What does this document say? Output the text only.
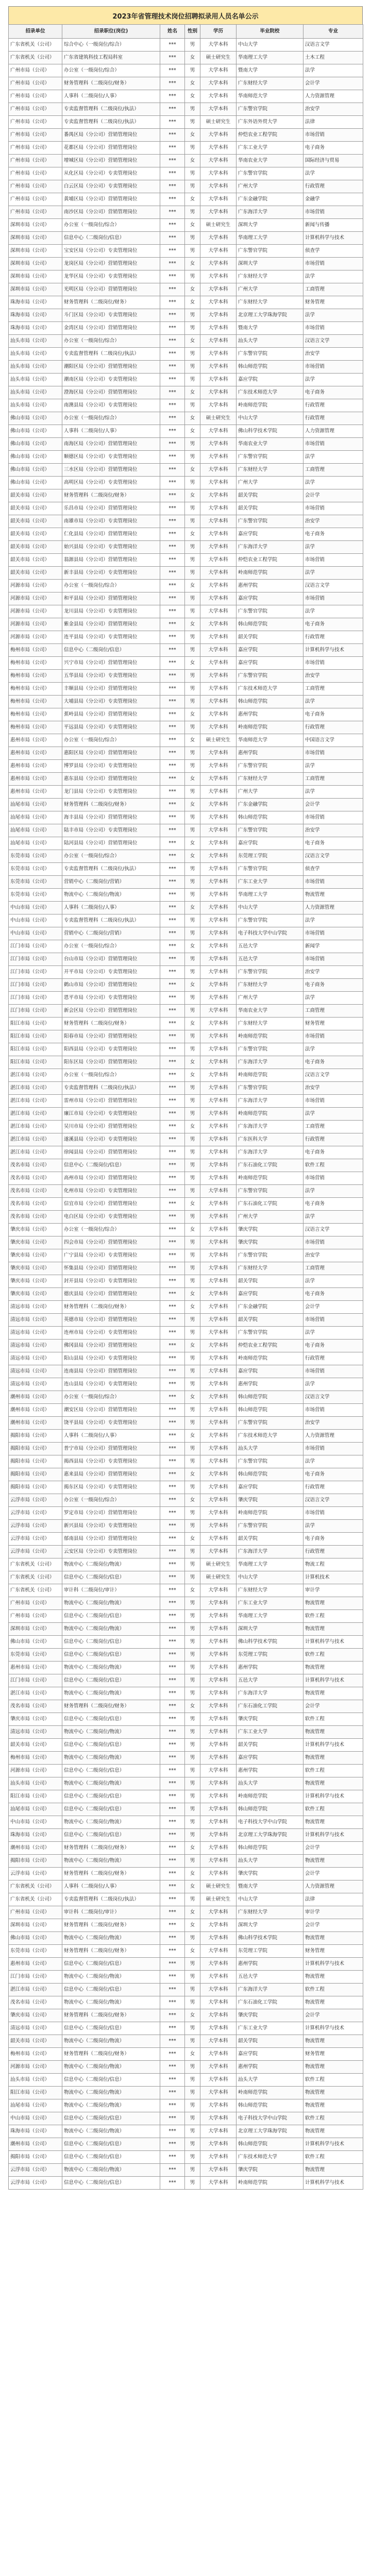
2023年省管理技术岗位招聘拟录用人员名单公示
招录单位	招录职位(岗位)	姓名	性别	学历	毕业院校	专业
广东省机关（公司）	综合中心（一级岗位/综合）	***	男	大学本科	中山大学	汉语言文学
广东省机关（公司）	广东省建筑科技工程局科室	***	女	硕士研究生	华南理工大学	土木工程
广州市局（公司）	办公室（一级岗位/综合）	***	男	大学本科	暨南大学	法学
广州市局（公司）	财务管理科（二级岗位/财务）	***	女	大学本科	广东财经大学	会计学
广州市局（公司）	人事科（二级岗位/人事）	***	女	大学本科	华南师范大学	人力资源管理
广州市局（公司）	专卖监督管理科（二级岗位/执法）	***	男	大学本科	广东警官学院	治安学
广州市局（公司）	专卖监督管理科（二级岗位/执法）	***	男	硕士研究生	广东外语外贸大学	法律
广州市局（公司）	番禺区局（分公司）营销管理岗位	***	女	大学本科	仲恺农业工程学院	市场营销
广州市局（公司）	花都区局（分公司）营销管理岗位	***	男	大学本科	广东工业大学	电子商务
广州市局（公司）	增城区局（分公司）营销管理岗位	***	女	大学本科	华南农业大学	国际经济与贸易
广州市局（公司）	从化区局（分公司）专卖管理岗位	***	男	大学本科	广东警官学院	法学
广州市局（公司）	白云区局（分公司）专卖管理岗位	***	男	大学本科	广州大学	行政管理
广州市局（公司）	黄埔区局（分公司）营销管理岗位	***	女	大学本科	广东金融学院	金融学
广州市局（公司）	南沙区局（分公司）营销管理岗位	***	男	大学本科	广东海洋大学	市场营销
深圳市局（公司）	办公室（一级岗位/综合）	***	女	硕士研究生	深圳大学	新闻与传播
深圳市局（公司）	信息中心（二级岗位/信息）	***	男	大学本科	华南理工大学	计算机科学与技术
深圳市局（公司）	宝安区局（分公司）专卖管理岗位	***	男	大学本科	广东警官学院	侦查学
深圳市局（公司）	龙岗区局（分公司）营销管理岗位	***	女	大学本科	深圳大学	市场营销
深圳市局（公司）	龙华区局（分公司）专卖管理岗位	***	男	大学本科	广东财经大学	法学
深圳市局（公司）	光明区局（分公司）营销管理岗位	***	女	大学本科	广州大学	工商管理
珠海市局（公司）	财务管理科（二级岗位/财务）	***	女	大学本科	广东财经大学	财务管理
珠海市局（公司）	斗门区局（分公司）专卖管理岗位	***	男	大学本科	北京理工大学珠海学院	法学
珠海市局（公司）	金湾区局（分公司）营销管理岗位	***	男	大学本科	暨南大学	市场营销
汕头市局（公司）	办公室（一级岗位/综合）	***	女	大学本科	汕头大学	汉语言文学
汕头市局（公司）	专卖监督管理科（二级岗位/执法）	***	男	大学本科	广东警官学院	治安学
汕头市局（公司）	潮阳区局（分公司）营销管理岗位	***	男	大学本科	韩山师范学院	市场营销
汕头市局（公司）	潮南区局（分公司）专卖管理岗位	***	男	大学本科	嘉应学院	法学
汕头市局（公司）	澄海区局（分公司）营销管理岗位	***	女	大学本科	广东技术师范大学	电子商务
汕头市局（公司）	南澳县局（分公司）专卖管理岗位	***	男	大学本科	岭南师范学院	行政管理
佛山市局（公司）	办公室（一级岗位/综合）	***	女	硕士研究生	中山大学	行政管理
佛山市局（公司）	人事科（二级岗位/人事）	***	女	大学本科	佛山科学技术学院	人力资源管理
佛山市局（公司）	南海区局（分公司）营销管理岗位	***	男	大学本科	华南农业大学	市场营销
佛山市局（公司）	顺德区局（分公司）专卖管理岗位	***	男	大学本科	广东警官学院	法学
佛山市局（公司）	三水区局（分公司）营销管理岗位	***	女	大学本科	广东财经大学	工商管理
佛山市局（公司）	高明区局（分公司）专卖管理岗位	***	男	大学本科	广州大学	法学
韶关市局（公司）	财务管理科（二级岗位/财务）	***	女	大学本科	韶关学院	会计学
韶关市局（公司）	乐昌市局（分公司）营销管理岗位	***	男	大学本科	韶关学院	市场营销
韶关市局（公司）	南雄市局（分公司）专卖管理岗位	***	男	大学本科	广东警官学院	治安学
韶关市局（公司）	仁化县局（分公司）营销管理岗位	***	女	大学本科	嘉应学院	电子商务
韶关市局（公司）	始兴县局（分公司）专卖管理岗位	***	男	大学本科	广东海洋大学	法学
韶关市局（公司）	翁源县局（分公司）营销管理岗位	***	男	大学本科	仲恺农业工程学院	市场营销
韶关市局（公司）	新丰县局（分公司）专卖管理岗位	***	男	大学本科	岭南师范学院	法学
河源市局（公司）	办公室（一级岗位/综合）	***	女	大学本科	惠州学院	汉语言文学
河源市局（公司）	和平县局（分公司）营销管理岗位	***	男	大学本科	嘉应学院	市场营销
河源市局（公司）	龙川县局（分公司）专卖管理岗位	***	男	大学本科	广东警官学院	法学
河源市局（公司）	紫金县局（分公司）营销管理岗位	***	女	大学本科	韩山师范学院	电子商务
河源市局（公司）	连平县局（分公司）专卖管理岗位	***	男	大学本科	韶关学院	行政管理
梅州市局（公司）	信息中心（二级岗位/信息）	***	男	大学本科	嘉应学院	计算机科学与技术
梅州市局（公司）	兴宁市局（分公司）营销管理岗位	***	女	大学本科	嘉应学院	市场营销
梅州市局（公司）	五华县局（分公司）专卖管理岗位	***	男	大学本科	广东警官学院	治安学
梅州市局（公司）	丰顺县局（分公司）营销管理岗位	***	男	大学本科	广东技术师范大学	工商管理
梅州市局（公司）	大埔县局（分公司）专卖管理岗位	***	男	大学本科	韩山师范学院	法学
梅州市局（公司）	蕉岭县局（分公司）营销管理岗位	***	女	大学本科	惠州学院	电子商务
梅州市局（公司）	平远县局（分公司）专卖管理岗位	***	男	大学本科	岭南师范学院	行政管理
惠州市局（公司）	办公室（一级岗位/综合）	***	女	硕士研究生	华南师范大学	中国语言文学
惠州市局（公司）	惠阳区局（分公司）营销管理岗位	***	男	大学本科	惠州学院	市场营销
惠州市局（公司）	博罗县局（分公司）专卖管理岗位	***	男	大学本科	广东警官学院	法学
惠州市局（公司）	惠东县局（分公司）营销管理岗位	***	女	大学本科	广东财经大学	工商管理
惠州市局（公司）	龙门县局（分公司）专卖管理岗位	***	男	大学本科	广州大学	法学
汕尾市局（公司）	财务管理科（二级岗位/财务）	***	女	大学本科	广东金融学院	会计学
汕尾市局（公司）	海丰县局（分公司）营销管理岗位	***	男	大学本科	韩山师范学院	市场营销
汕尾市局（公司）	陆丰市局（分公司）专卖管理岗位	***	男	大学本科	广东警官学院	治安学
汕尾市局（公司）	陆河县局（分公司）营销管理岗位	***	女	大学本科	嘉应学院	电子商务
东莞市局（公司）	办公室（一级岗位/综合）	***	女	大学本科	东莞理工学院	汉语言文学
东莞市局（公司）	专卖监督管理科（二级岗位/执法）	***	男	大学本科	广东警官学院	侦查学
东莞市局（公司）	营销中心（二级岗位/营销）	***	男	大学本科	广东工业大学	市场营销
东莞市局（公司）	物流中心（二级岗位/物流）	***	男	大学本科	华南理工大学	物流管理
中山市局（公司）	人事科（二级岗位/人事）	***	女	大学本科	中山大学	人力资源管理
中山市局（公司）	专卖监督管理科（二级岗位/执法）	***	男	大学本科	广东警官学院	法学
中山市局（公司）	营销中心（二级岗位/营销）	***	男	大学本科	电子科技大学中山学院	市场营销
江门市局（公司）	办公室（一级岗位/综合）	***	女	大学本科	五邑大学	新闻学
江门市局（公司）	台山市局（分公司）营销管理岗位	***	男	大学本科	五邑大学	市场营销
江门市局（公司）	开平市局（分公司）专卖管理岗位	***	男	大学本科	广东警官学院	治安学
江门市局（公司）	鹤山市局（分公司）营销管理岗位	***	女	大学本科	广东财经大学	电子商务
江门市局（公司）	恩平市局（分公司）专卖管理岗位	***	男	大学本科	广州大学	法学
江门市局（公司）	新会区局（分公司）营销管理岗位	***	男	大学本科	华南农业大学	工商管理
阳江市局（公司）	财务管理科（二级岗位/财务）	***	女	大学本科	广东财经大学	财务管理
阳江市局（公司）	阳春市局（分公司）营销管理岗位	***	男	大学本科	岭南师范学院	市场营销
阳江市局（公司）	阳西县局（分公司）专卖管理岗位	***	男	大学本科	广东警官学院	法学
阳江市局（公司）	阳东区局（分公司）营销管理岗位	***	女	大学本科	广东海洋大学	电子商务
湛江市局（公司）	办公室（一级岗位/综合）	***	女	大学本科	岭南师范学院	汉语言文学
湛江市局（公司）	专卖监督管理科（二级岗位/执法）	***	男	大学本科	广东警官学院	治安学
湛江市局（公司）	雷州市局（分公司）营销管理岗位	***	男	大学本科	广东海洋大学	市场营销
湛江市局（公司）	廉江市局（分公司）专卖管理岗位	***	男	大学本科	岭南师范学院	法学
湛江市局（公司）	吴川市局（分公司）营销管理岗位	***	女	大学本科	广东海洋大学	工商管理
湛江市局（公司）	遂溪县局（分公司）专卖管理岗位	***	男	大学本科	广东医科大学	行政管理
湛江市局（公司）	徐闻县局（分公司）营销管理岗位	***	男	大学本科	广东海洋大学	电子商务
茂名市局（公司）	信息中心（二级岗位/信息）	***	男	大学本科	广东石油化工学院	软件工程
茂名市局（公司）	高州市局（分公司）营销管理岗位	***	男	大学本科	岭南师范学院	市场营销
茂名市局（公司）	化州市局（分公司）专卖管理岗位	***	男	大学本科	广东警官学院	法学
茂名市局（公司）	信宜市局（分公司）营销管理岗位	***	女	大学本科	广东石油化工学院	电子商务
茂名市局（公司）	电白区局（分公司）专卖管理岗位	***	男	大学本科	广州大学	法学
肇庆市局（公司）	办公室（一级岗位/综合）	***	女	大学本科	肇庆学院	汉语言文学
肇庆市局（公司）	四会市局（分公司）营销管理岗位	***	男	大学本科	肇庆学院	市场营销
肇庆市局（公司）	广宁县局（分公司）专卖管理岗位	***	男	大学本科	广东警官学院	治安学
肇庆市局（公司）	怀集县局（分公司）营销管理岗位	***	男	大学本科	广东财经大学	工商管理
肇庆市局（公司）	封开县局（分公司）专卖管理岗位	***	男	大学本科	韶关学院	法学
肇庆市局（公司）	德庆县局（分公司）营销管理岗位	***	女	大学本科	嘉应学院	电子商务
清远市局（公司）	财务管理科（二级岗位/财务）	***	女	大学本科	广东金融学院	会计学
清远市局（公司）	英德市局（分公司）营销管理岗位	***	男	大学本科	韶关学院	市场营销
清远市局（公司）	连州市局（分公司）专卖管理岗位	***	男	大学本科	广东警官学院	法学
清远市局（公司）	佛冈县局（分公司）营销管理岗位	***	女	大学本科	仲恺农业工程学院	电子商务
清远市局（公司）	阳山县局（分公司）专卖管理岗位	***	男	大学本科	岭南师范学院	行政管理
清远市局（公司）	连南县局（分公司）营销管理岗位	***	男	大学本科	嘉应学院	市场营销
清远市局（公司）	连山县局（分公司）专卖管理岗位	***	男	大学本科	惠州学院	法学
潮州市局（公司）	办公室（一级岗位/综合）	***	女	大学本科	韩山师范学院	汉语言文学
潮州市局（公司）	潮安区局（分公司）营销管理岗位	***	男	大学本科	韩山师范学院	市场营销
潮州市局（公司）	饶平县局（分公司）专卖管理岗位	***	男	大学本科	广东警官学院	治安学
揭阳市局（公司）	人事科（二级岗位/人事）	***	女	大学本科	广东技术师范大学	人力资源管理
揭阳市局（公司）	普宁市局（分公司）营销管理岗位	***	男	大学本科	汕头大学	市场营销
揭阳市局（公司）	揭西县局（分公司）专卖管理岗位	***	男	大学本科	广东警官学院	法学
揭阳市局（公司）	惠来县局（分公司）营销管理岗位	***	女	大学本科	韩山师范学院	电子商务
揭阳市局（公司）	揭东区局（分公司）专卖管理岗位	***	男	大学本科	嘉应学院	行政管理
云浮市局（公司）	办公室（一级岗位/综合）	***	女	大学本科	肇庆学院	汉语言文学
云浮市局（公司）	罗定市局（分公司）营销管理岗位	***	男	大学本科	岭南师范学院	市场营销
云浮市局（公司）	新兴县局（分公司）专卖管理岗位	***	男	大学本科	广东警官学院	法学
云浮市局（公司）	郁南县局（分公司）营销管理岗位	***	女	大学本科	韶关学院	电子商务
云浮市局（公司）	云安区局（分公司）专卖管理岗位	***	男	大学本科	广东海洋大学	行政管理
广东省机关（公司）	物流中心（二级岗位/物流）	***	男	硕士研究生	华南理工大学	物流工程
广东省机关（公司）	信息中心（二级岗位/信息）	***	男	硕士研究生	中山大学	计算机技术
广东省机关（公司）	审计科（二级岗位/审计）	***	女	大学本科	广东财经大学	审计学
广州市局（公司）	物流中心（二级岗位/物流）	***	男	大学本科	广东工业大学	物流管理
广州市局（公司）	信息中心（二级岗位/信息）	***	男	大学本科	华南理工大学	软件工程
深圳市局（公司）	物流中心（二级岗位/物流）	***	男	大学本科	深圳大学	物流管理
佛山市局（公司）	信息中心（二级岗位/信息）	***	男	大学本科	佛山科学技术学院	计算机科学与技术
东莞市局（公司）	信息中心（二级岗位/信息）	***	男	大学本科	东莞理工学院	软件工程
惠州市局（公司）	物流中心（二级岗位/物流）	***	男	大学本科	惠州学院	物流管理
江门市局（公司）	信息中心（二级岗位/信息）	***	男	大学本科	五邑大学	计算机科学与技术
湛江市局（公司）	物流中心（二级岗位/物流）	***	男	大学本科	广东海洋大学	物流管理
茂名市局（公司）	财务管理科（二级岗位/财务）	***	女	大学本科	广东石油化工学院	会计学
肇庆市局（公司）	信息中心（二级岗位/信息）	***	男	大学本科	肇庆学院	软件工程
清远市局（公司）	物流中心（二级岗位/物流）	***	男	大学本科	广东工业大学	物流管理
韶关市局（公司）	信息中心（二级岗位/信息）	***	男	大学本科	韶关学院	计算机科学与技术
梅州市局（公司）	物流中心（二级岗位/物流）	***	男	大学本科	嘉应学院	物流管理
河源市局（公司）	信息中心（二级岗位/信息）	***	男	大学本科	惠州学院	软件工程
汕头市局（公司）	物流中心（二级岗位/物流）	***	男	大学本科	汕头大学	物流管理
阳江市局（公司）	信息中心（二级岗位/信息）	***	男	大学本科	岭南师范学院	计算机科学与技术
汕尾市局（公司）	信息中心（二级岗位/信息）	***	男	大学本科	韩山师范学院	软件工程
中山市局（公司）	物流中心（二级岗位/物流）	***	男	大学本科	电子科技大学中山学院	物流管理
珠海市局（公司）	信息中心（二级岗位/信息）	***	男	大学本科	北京理工大学珠海学院	计算机科学与技术
潮州市局（公司）	财务管理科（二级岗位/财务）	***	女	大学本科	韩山师范学院	会计学
揭阳市局（公司）	物流中心（二级岗位/物流）	***	男	大学本科	汕头大学	物流管理
云浮市局（公司）	财务管理科（二级岗位/财务）	***	女	大学本科	肇庆学院	会计学
广东省机关（公司）	人事科（二级岗位/人事）	***	女	硕士研究生	暨南大学	人力资源管理
广东省机关（公司）	专卖监督管理科（二级岗位/执法）	***	男	硕士研究生	中山大学	法律
广州市局（公司）	审计科（二级岗位/审计）	***	女	大学本科	广东财经大学	审计学
深圳市局（公司）	财务管理科（二级岗位/财务）	***	女	大学本科	深圳大学	会计学
佛山市局（公司）	物流中心（二级岗位/物流）	***	男	大学本科	佛山科学技术学院	物流管理
东莞市局（公司）	财务管理科（二级岗位/财务）	***	女	大学本科	东莞理工学院	财务管理
惠州市局（公司）	信息中心（二级岗位/信息）	***	男	大学本科	惠州学院	计算机科学与技术
江门市局（公司）	物流中心（二级岗位/物流）	***	男	大学本科	五邑大学	物流管理
湛江市局（公司）	信息中心（二级岗位/信息）	***	男	大学本科	广东海洋大学	软件工程
茂名市局（公司）	物流中心（二级岗位/物流）	***	男	大学本科	广东石油化工学院	物流管理
肇庆市局（公司）	财务管理科（二级岗位/财务）	***	女	大学本科	肇庆学院	会计学
清远市局（公司）	信息中心（二级岗位/信息）	***	男	大学本科	广东工业大学	计算机科学与技术
韶关市局（公司）	物流中心（二级岗位/物流）	***	男	大学本科	韶关学院	物流管理
梅州市局（公司）	财务管理科（二级岗位/财务）	***	女	大学本科	嘉应学院	财务管理
河源市局（公司）	物流中心（二级岗位/物流）	***	男	大学本科	惠州学院	物流管理
汕头市局（公司）	信息中心（二级岗位/信息）	***	男	大学本科	汕头大学	软件工程
阳江市局（公司）	物流中心（二级岗位/物流）	***	男	大学本科	岭南师范学院	物流管理
汕尾市局（公司）	物流中心（二级岗位/物流）	***	男	大学本科	韩山师范学院	物流管理
中山市局（公司）	信息中心（二级岗位/信息）	***	男	大学本科	电子科技大学中山学院	软件工程
珠海市局（公司）	物流中心（二级岗位/物流）	***	男	大学本科	北京理工大学珠海学院	物流管理
潮州市局（公司）	信息中心（二级岗位/信息）	***	男	大学本科	韩山师范学院	计算机科学与技术
揭阳市局（公司）	信息中心（二级岗位/信息）	***	男	大学本科	广东技术师范大学	软件工程
云浮市局（公司）	物流中心（二级岗位/物流）	***	男	大学本科	肇庆学院	物流管理
云浮市局（公司）	信息中心（二级岗位/信息）	***	男	大学本科	岭南师范学院	计算机科学与技术
